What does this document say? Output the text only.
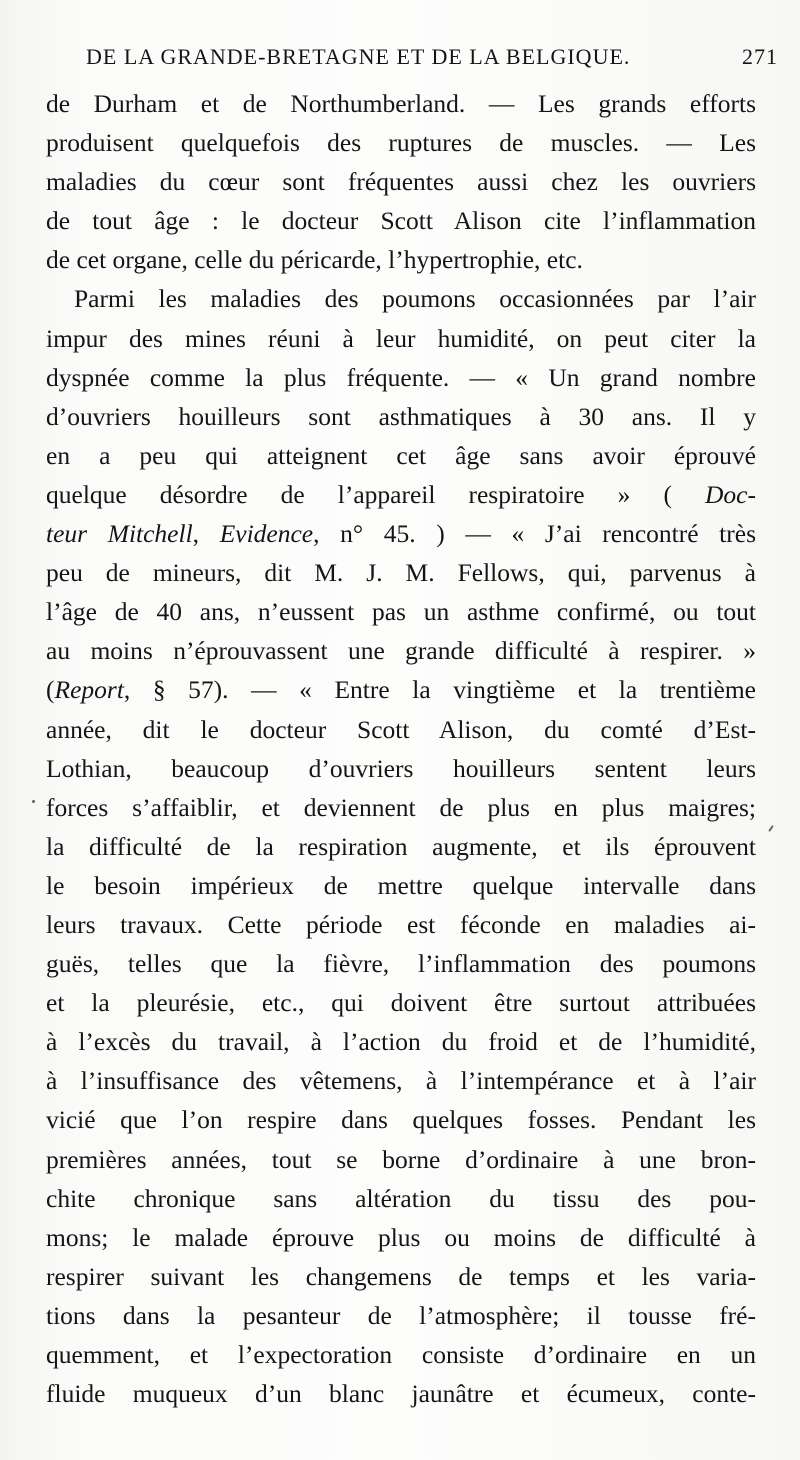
DE LA GRANDE-BRETAGNE ET DE LA BELGIQUE.	271
de Durham et de Northumberland. — Les grands efforts
produisent quelquefois des ruptures de muscles. — Les
maladies du cœur sont fréquentes aussi chez les ouvriers
de tout âge : le docteur Scott Alison cite l’inflammation
de cet organe, celle du péricarde, l’hypertrophie, etc.
Parmi les maladies des poumons occasionnées par l’air
impur des mines réuni à leur humidité, on peut citer la
dyspnée comme la plus fréquente. — « Un grand nombre
d’ouvriers houilleurs sont asthmatiques à 30 ans. Il y
en a peu qui atteignent cet âge sans avoir éprouvé
quelque désordre de l’appareil respiratoire » ( Doc-
teur Mitchell, Evidence, n° 45. ) — « J’ai rencontré très
peu de mineurs, dit M. J. M. Fellows, qui, parvenus à
l’âge de 40 ans, n’eussent pas un asthme confirmé, ou tout
au moins n’éprouvassent une grande difficulté à respirer. »
(Report, § 57). — « Entre la vingtième et la trentième
année, dit le docteur Scott Alison, du comté d’Est-
Lothian, beaucoup d’ouvriers houilleurs sentent leurs
forces s’affaiblir, et deviennent de plus en plus maigres;
la difficulté de la respiration augmente, et ils éprouvent
le besoin impérieux de mettre quelque intervalle dans
leurs travaux. Cette période est féconde en maladies ai-
guës, telles que la fièvre, l’inflammation des poumons
et la pleurésie, etc., qui doivent être surtout attribuées
à l’excès du travail, à l’action du froid et de l’humidité,
à l’insuffisance des vêtemens, à l’intempérance et à l’air
vicié que l’on respire dans quelques fosses. Pendant les
premières années, tout se borne d’ordinaire à une bron-
chite chronique sans altération du tissu des pou-
mons; le malade éprouve plus ou moins de difficulté à
respirer suivant les changemens de temps et les varia-
tions dans la pesanteur de l’atmosphère; il tousse fré-
quemment, et l’expectoration consiste d’ordinaire en un
fluide muqueux d’un blanc jaunâtre et écumeux, conte-
